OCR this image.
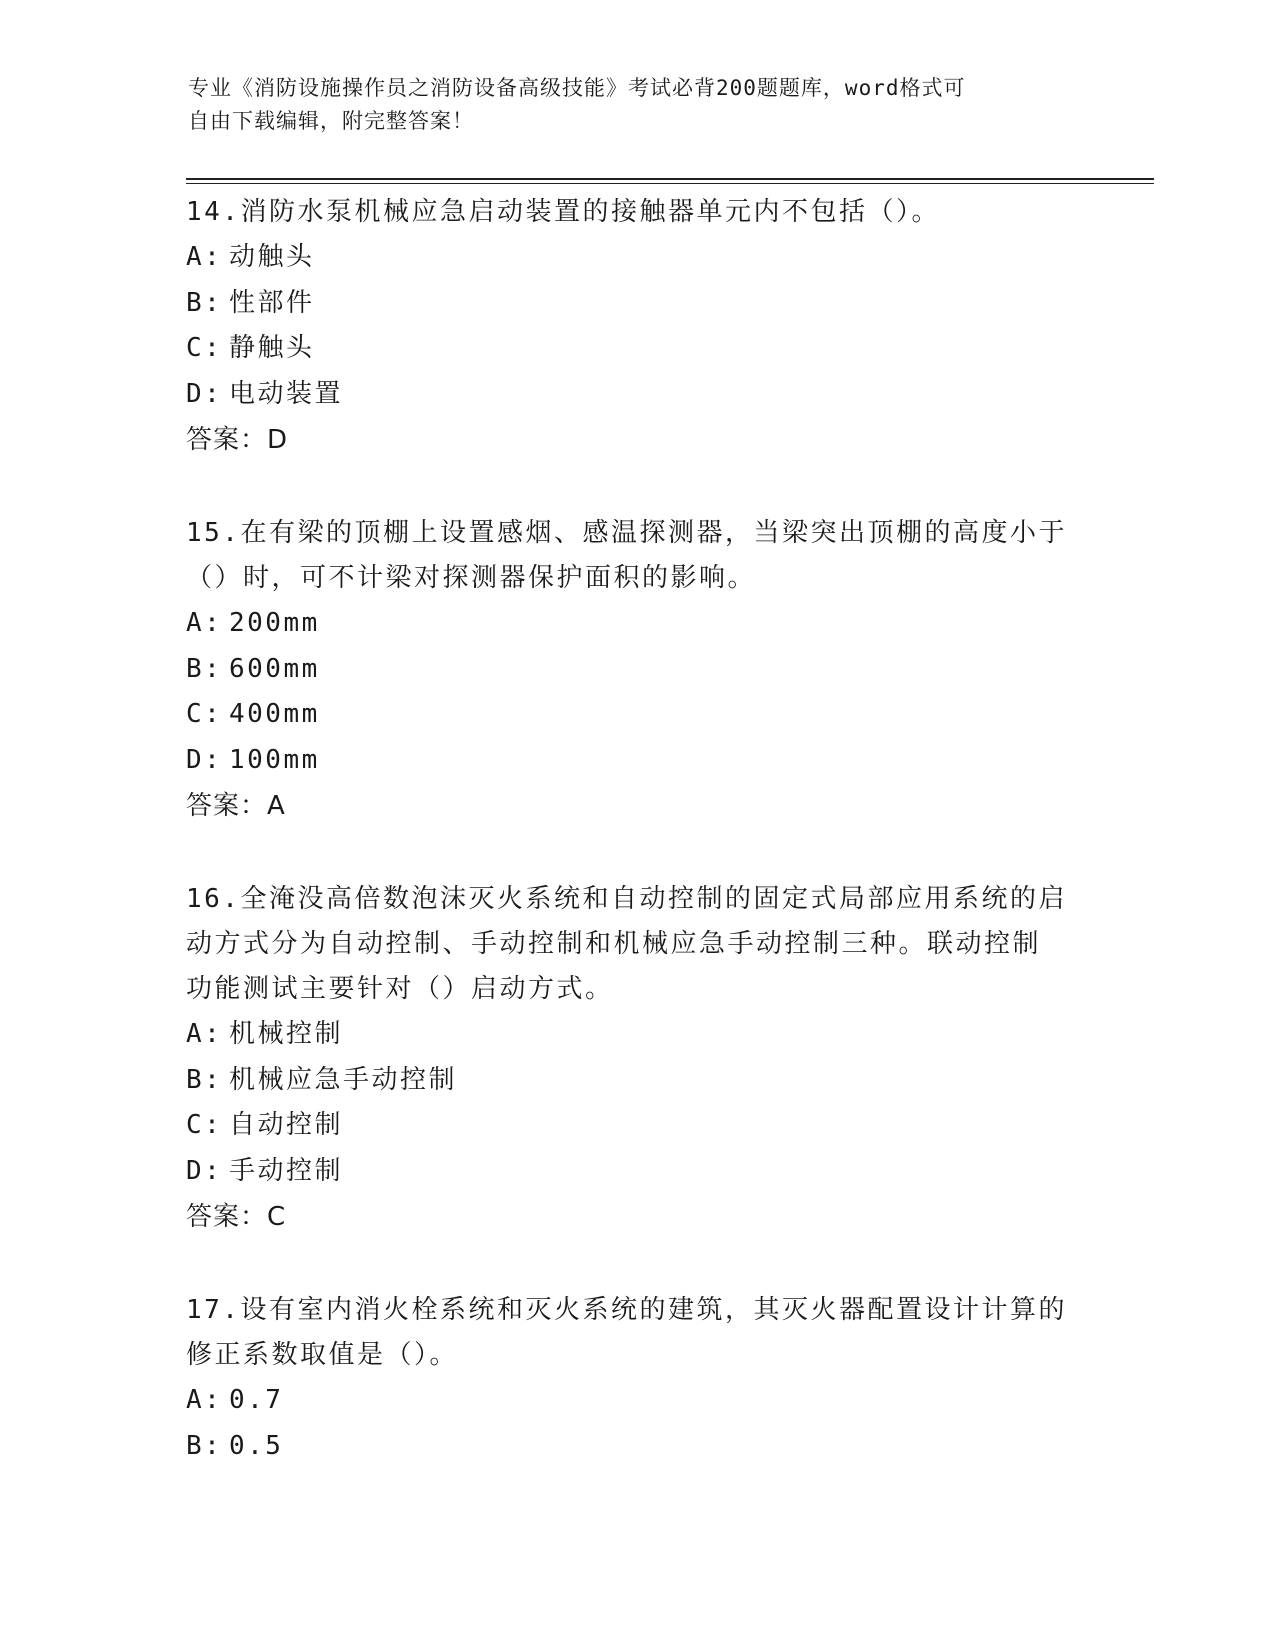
专业《消防设施操作员之消防设备高级技能》考试必背200题题库，word格式可
自由下载编辑，附完整答案！

14.消防水泵机械应急启动装置的接触器单元内不包括（）。

A: 动触头
B: 性部件
C: 静触头
D: 电动装置

答案：D

15.在有梁的顶棚上设置感烟、感温探测器，当梁突出顶棚的高度小于

（）时，可不计梁对探测器保护面积的影响。

A: 200mm
B: 600mm
C: 400mm
D: 100mm

答案：A

16.全淹没高倍数泡沫灭火系统和自动控制的固定式局部应用系统的启

动方式分为自动控制、手动控制和机械应急手动控制三种。联动控制

功能测试主要针对（）启动方式。

A: 机械控制
B: 机械应急手动控制
C: 自动控制
D: 手动控制

答案：C

17.设有室内消火栓系统和灭火系统的建筑，其灭火器配置设计计算的

修正系数取值是（）。

A: 0.7
B: 0.5
